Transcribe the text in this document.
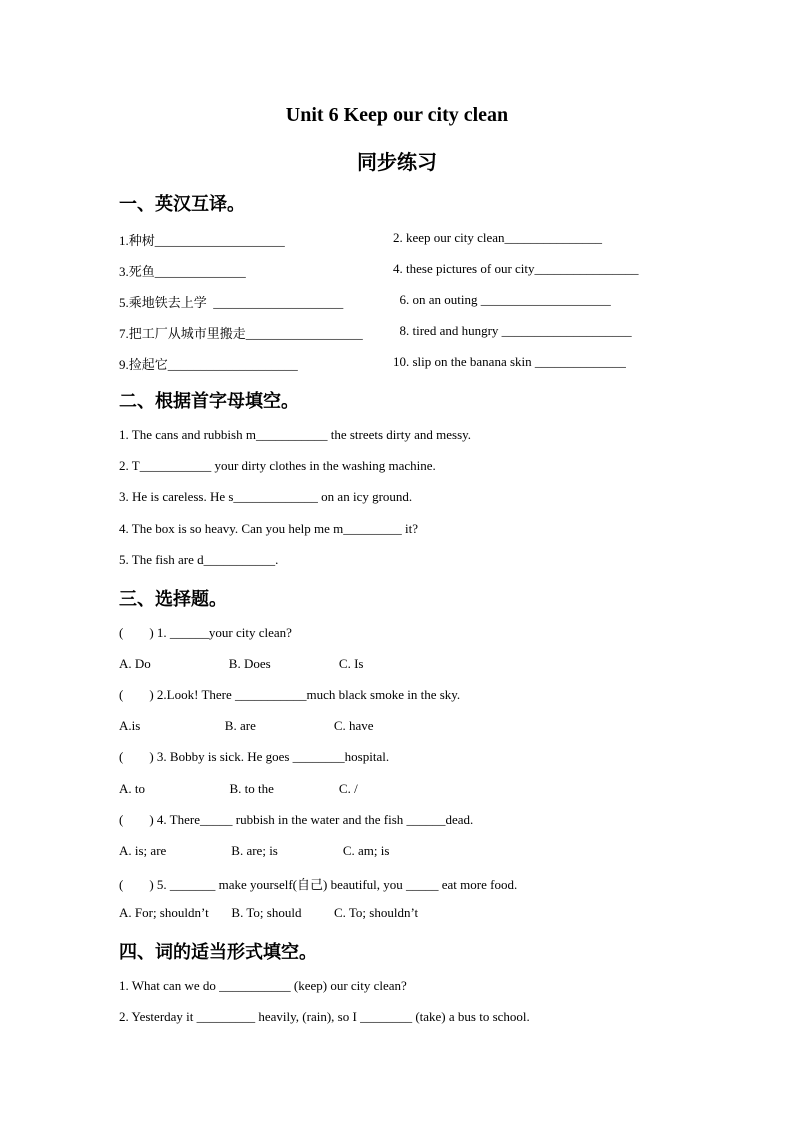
Unit 6 Keep our city clean
同步练习
一、英汉互译。
1.种树____________________	2. keep our city clean_______________
3.死鱼______________	4. these pictures of our city________________
5.乘地铁去上学  ____________________	6. on an outing ____________________
7.把工厂从城市里搬走__________________ 8. tired and hungry ____________________
9.捡起它____________________	10. slip on the banana skin ______________
二、根据首字母填空。
1. The cans and rubbish m___________ the streets dirty and messy.
2. T___________ your dirty clothes in the washing machine.
3. He is careless. He s_____________ on an icy ground.
4. The box is so heavy. Can you help me m_________ it?
5. The fish are d___________.
三、选择题。
(        ) 1. ______your city clean?
A. Do                        B. Does                     C. Is
(        ) 2.Look! There ___________much black smoke in the sky.
A.is                          B. are                        C. have
(        ) 3. Bobby is sick. He goes ________hospital.
A. to                          B. to the                    C. /
(        ) 4. There_____ rubbish in the water and the fish ______dead.
A. is; are                    B. are; is                    C. am; is
(        ) 5. _______ make yourself(自己) beautiful, you _____ eat more food.
A. For; shouldn’t       B. To; should          C. To; shouldn’t
四、词的适当形式填空。
1. What can we do ___________ (keep) our city clean?
2. Yesterday it _________ heavily, (rain), so I ________ (take) a bus to school.
